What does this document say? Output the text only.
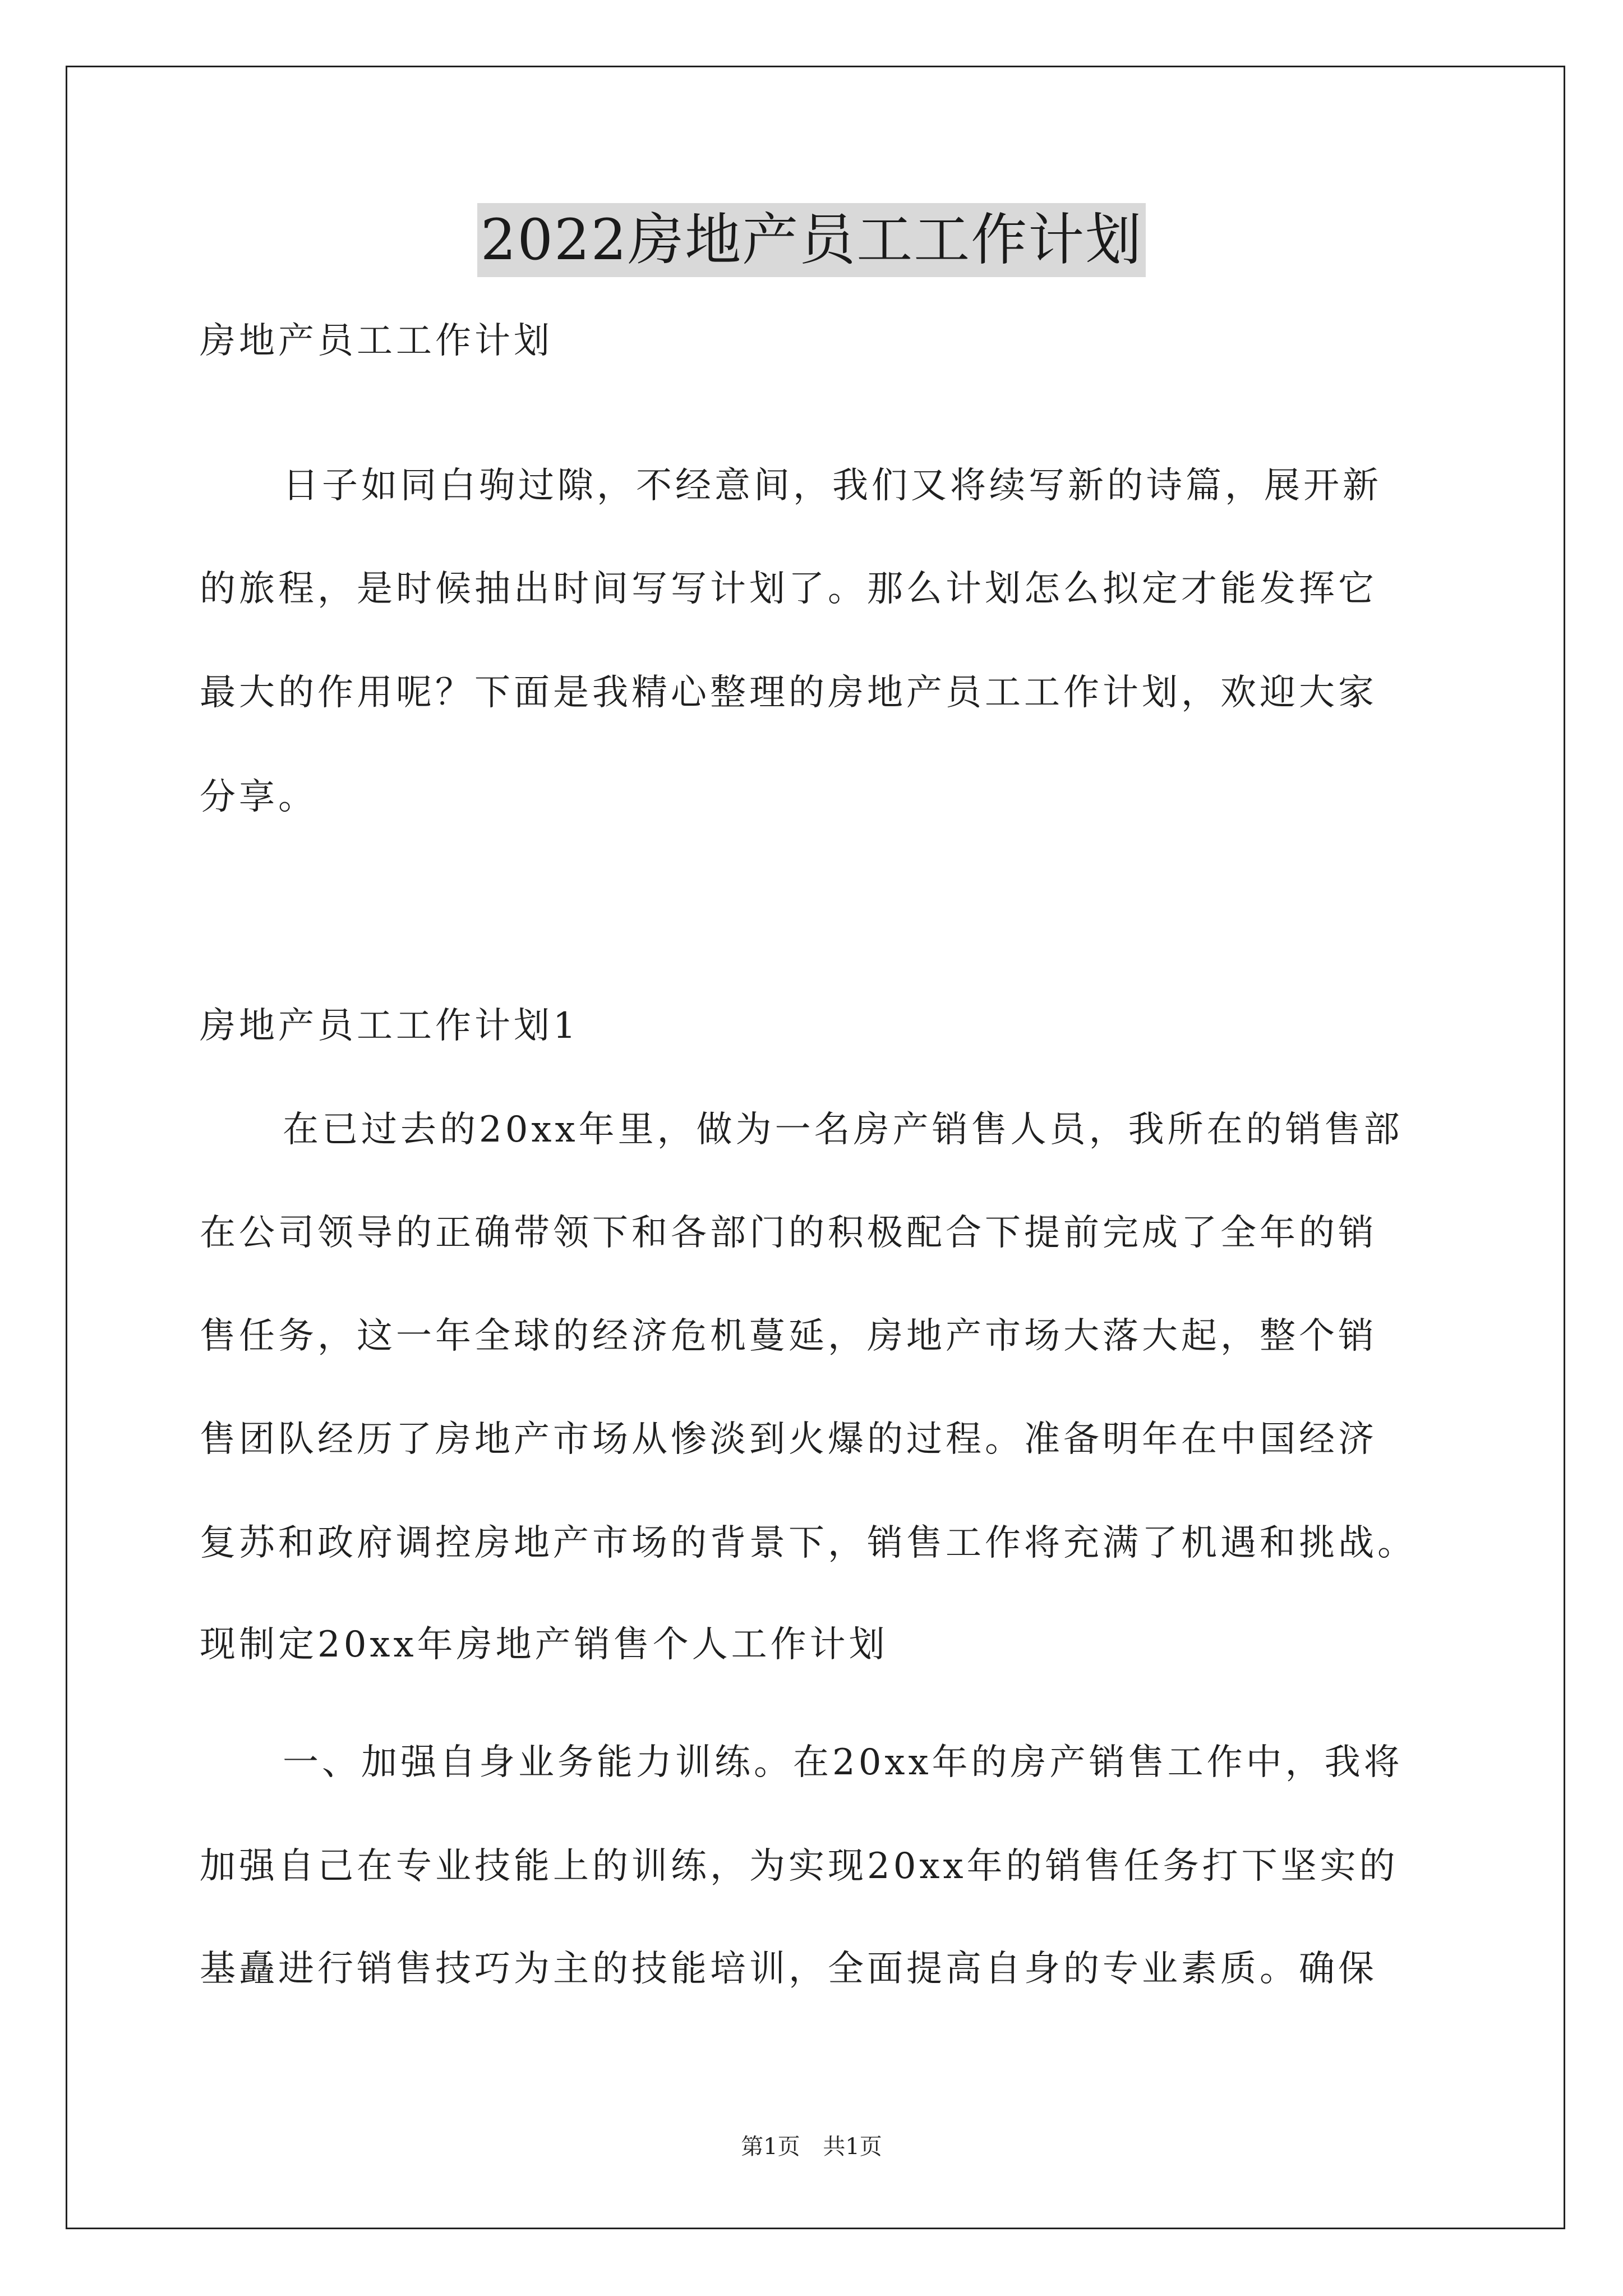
2022房地产员工工作计划
房地产员工工作计划
日子如同白驹过隙，不经意间，我们又将续写新的诗篇，展开新
的旅程，是时候抽出时间写写计划了。那么计划怎么拟定才能发挥它
最大的作用呢？下面是我精心整理的房地产员工工作计划，欢迎大家
分享。
房地产员工工作计划1
在已过去的20xx年里，做为一名房产销售人员，我所在的销售部
在公司领导的正确带领下和各部门的积极配合下提前完成了全年的销
售任务，这一年全球的经济危机蔓延，房地产市场大落大起，整个销
售团队经历了房地产市场从惨淡到火爆的过程。准备明年在中国经济
复苏和政府调控房地产市场的背景下，销售工作将充满了机遇和挑战。
现制定20xx年房地产销售个人工作计划
一、加强自身业务能力训练。在20xx年的房产销售工作中，我将
加强自己在专业技能上的训练，为实现20xx年的销售任务打下坚实的
基矗进行销售技巧为主的技能培训，全面提高自身的专业素质。确保
第1页 共1页
